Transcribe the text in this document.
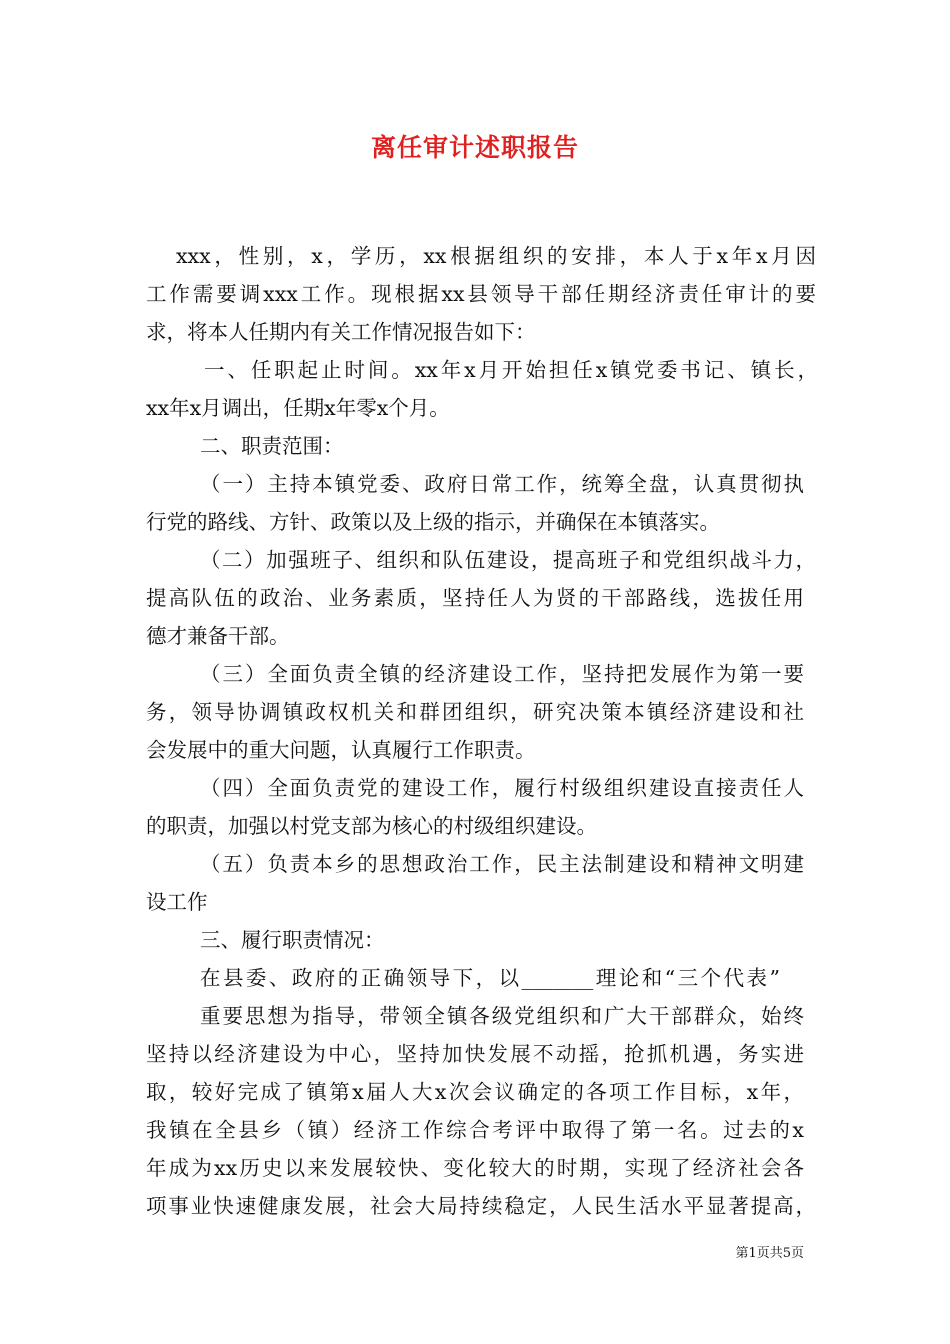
离任审计述职报告
xxx，性别，x，学历，xx根据组织的安排，本人于x年x月因
工作需要调xxx工作。现根据xx县领导干部任期经济责任审计的要
求，将本人任期内有关工作情况报告如下：
一、任职起止时间。xx年x月开始担任x镇党委书记、镇长，
xx年x月调出，任期x年零x个月。
二、职责范围：
（一）主持本镇党委、政府日常工作，统筹全盘，认真贯彻执
行党的路线、方针、政策以及上级的指示，并确保在本镇落实。
（二）加强班子、组织和队伍建设，提高班子和党组织战斗力，
提高队伍的政治、业务素质，坚持任人为贤的干部路线，选拔任用
德才兼备干部。
（三）全面负责全镇的经济建设工作，坚持把发展作为第一要
务，领导协调镇政权机关和群团组织，研究决策本镇经济建设和社
会发展中的重大问题，认真履行工作职责。
（四）全面负责党的建设工作，履行村级组织建设直接责任人
的职责，加强以村党支部为核心的村级组织建设。
（五）负责本乡的思想政治工作，民主法制建设和精神文明建
设工作
三、履行职责情况：
在县委、政府的正确领导下，以_______理论和“三个代表”
重要思想为指导，带领全镇各级党组织和广大干部群众，始终
坚持以经济建设为中心，坚持加快发展不动摇，抢抓机遇，务实进
取，较好完成了镇第x届人大x次会议确定的各项工作目标，x年，
我镇在全县乡（镇）经济工作综合考评中取得了第一名。过去的x
年成为xx历史以来发展较快、变化较大的时期，实现了经济社会各
项事业快速健康发展，社会大局持续稳定，人民生活水平显著提高，
第1页共5页
